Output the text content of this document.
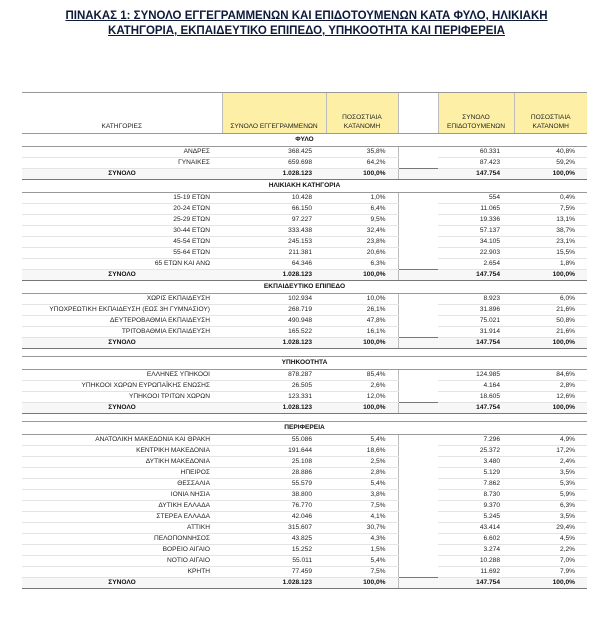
ΠΙΝΑΚΑΣ 1: ΣΥΝΟΛΟ ΕΓΓΕΓΡΑΜΜΕΝΩΝ ΚΑΙ ΕΠΙΔΟΤΟΥΜΕΝΩΝ ΚΑΤΑ ΦΥΛΟ, ΗΛΙΚΙΑΚΗ
ΚΑΤΗΓΟΡΙΑ, ΕΚΠΑΙΔΕΥΤΙΚΟ ΕΠΙΠΕΔΟ, ΥΠΗΚΟΟΤΗΤΑ ΚΑΙ ΠΕΡΙΦΕΡΕΙΑ
ΚΑΤΗΓΟΡΙΕΣ	ΣΥΝΟΛΟ ΕΓΓΕΓΡΑΜΜΕΝΩΝ	ΠΟΣΟΣΤΙΑΙΑ ΚΑΤΑΝΟΜΗ		ΣΥΝΟΛΟ ΕΠΙΔΟΤΟΥΜΕΝΩΝ	ΠΟΣΟΣΤΙΑΙΑ ΚΑΤΑΝΟΜΗ
ΦΥΛΟ					
ΑΝΔΡΕΣ	368.425	35,8%		60.331	40,8%
ΓΥΝΑΙΚΕΣ	659.698	64,2%		87.423	59,2%
ΣΥΝΟΛΟ	1.028.123	100,0%		147.754	100,0%
ΗΛΙΚΙΑΚΗ ΚΑΤΗΓΟΡΙΑ					
15-19 ΕΤΩΝ	10.428	1,0%		554	0,4%
20-24 ΕΤΩΝ	66.150	6,4%		11.065	7,5%
25-29 ΕΤΩΝ	97.227	9,5%		19.336	13,1%
30-44 ΕΤΩΝ	333.438	32,4%		57.137	38,7%
45-54 ΕΤΩΝ	245.153	23,8%		34.105	23,1%
55-64 ΕΤΩΝ	211.381	20,6%		22.903	15,5%
65 ΕΤΩΝ ΚΑΙ ΑΝΩ	64.346	6,3%		2.654	1,8%
ΣΥΝΟΛΟ	1.028.123	100,0%		147.754	100,0%
ΕΚΠΑΙΔΕΥΤΙΚΟ ΕΠΙΠΕΔΟ					
ΧΩΡΙΣ ΕΚΠΑΙΔΕΥΣΗ	102.934	10,0%		8.923	6,0%
ΥΠΟΧΡΕΩΤΙΚΗ ΕΚΠΑΙΔΕΥΣΗ (ΕΩΣ 3Η ΓΥΜΝΑΣΙΟΥ)	268.719	26,1%		31.896	21,6%
ΔΕΥΤΕΡΟΒΑΘΜΙΑ ΕΚΠΑΙΔΕΥΣΗ	490.948	47,8%		75.021	50,8%
ΤΡΙΤΟΒΑΘΜΙΑ ΕΚΠΑΙΔΕΥΣΗ	165.522	16,1%		31.914	21,6%
ΣΥΝΟΛΟ	1.028.123	100,0%		147.754	100,0%

ΥΠΗΚΟΟΤΗΤΑ					
ΕΛΛΗΝΕΣ ΥΠΗΚΟΟΙ	878.287	85,4%		124.985	84,6%
ΥΠΗΚΟΟΙ ΧΩΡΩΝ ΕΥΡΩΠΑΪΚΗΣ ΕΝΩΣΗΣ	26.505	2,6%		4.164	2,8%
ΥΠΗΚΟΟΙ ΤΡΙΤΩΝ ΧΩΡΩΝ	123.331	12,0%		18.605	12,6%
ΣΥΝΟΛΟ	1.028.123	100,0%		147.754	100,0%

ΠΕΡΙΦΕΡΕΙΑ					
ΑΝΑΤΟΛΙΚΗ ΜΑΚΕΔΟΝΙΑ ΚΑΙ ΘΡΑΚΗ	55.086	5,4%		7.296	4,9%
ΚΕΝΤΡΙΚΗ ΜΑΚΕΔΟΝΙΑ	191.644	18,6%		25.372	17,2%
ΔΥΤΙΚΗ ΜΑΚΕΔΟΝΙΑ	25.108	2,5%		3.480	2,4%
ΗΠΕΙΡΟΣ	28.886	2,8%		5.129	3,5%
ΘΕΣΣΑΛΙΑ	55.579	5,4%		7.862	5,3%
ΙΟΝΙΑ ΝΗΣΙΑ	38.800	3,8%		8.730	5,9%
ΔΥΤΙΚΗ ΕΛΛΑΔΑ	76.770	7,5%		9.370	6,3%
ΣΤΕΡΕΑ ΕΛΛΑΔΑ	42.046	4,1%		5.245	3,5%
ΑΤΤΙΚΗ	315.607	30,7%		43.414	29,4%
ΠΕΛΟΠΟΝΝΗΣΟΣ	43.825	4,3%		6.602	4,5%
ΒΟΡΕΙΟ ΑΙΓΑΙΟ	15.252	1,5%		3.274	2,2%
ΝΟΤΙΟ ΑΙΓΑΙΟ	55.011	5,4%		10.288	7,0%
ΚΡΗΤΗ	77.459	7,5%		11.692	7,9%
ΣΥΝΟΛΟ	1.028.123	100,0%		147.754	100,0%
